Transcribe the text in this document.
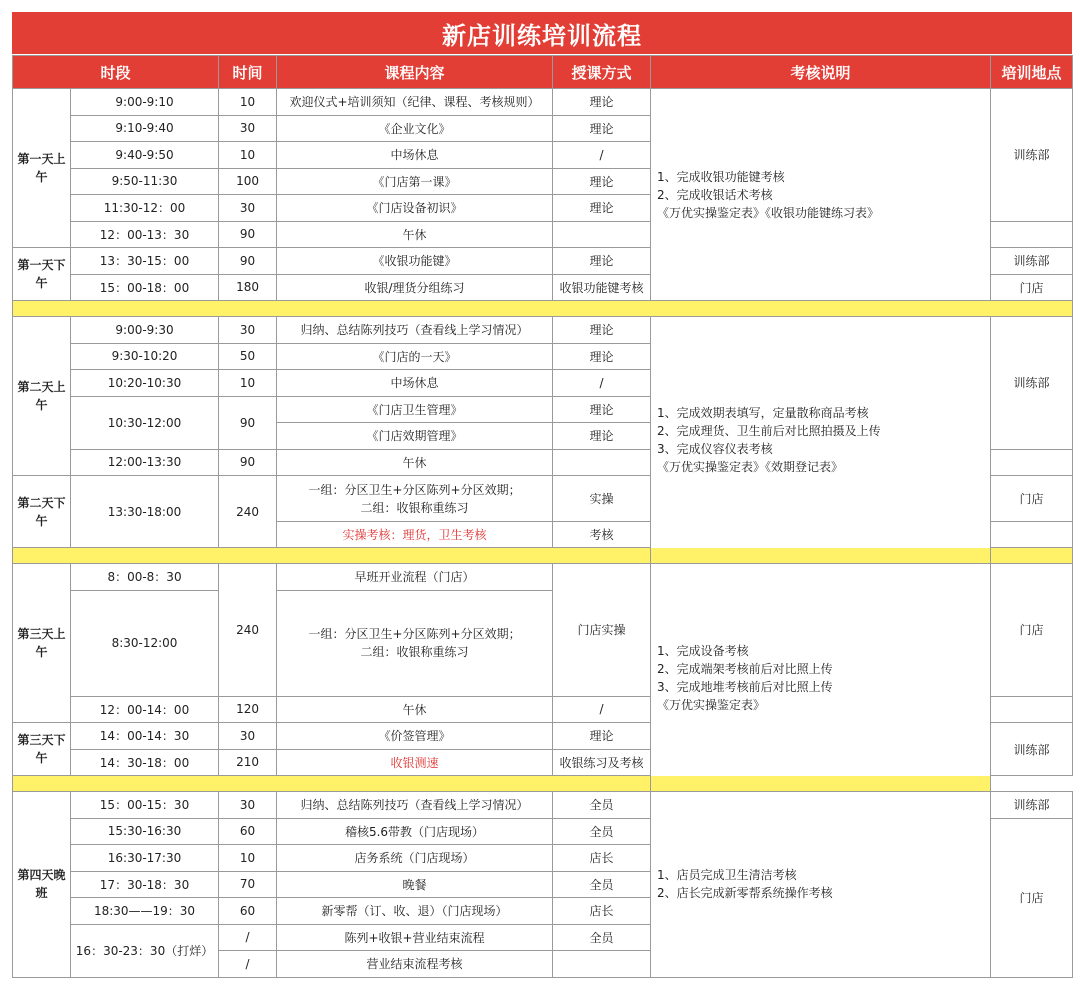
新店训练培训流程
时段		时间	课程内容	授课方式	考核说明	培训地点
第一天上午	9:00-9:10	10	欢迎仪式+培训须知（纪律、课程、考核规则）	理论	1、完成收银功能键考核
2、完成收银话术考核
《万优实操鉴定表》《收银功能键练习表》	训练部
	9:10-9:40	30	《企业文化》	理论		
	9:40-9:50	10	中场休息	/		
	9:50-11:30	100	《门店第一课》	理论		
	11:30-12：00	30	《门店设备初识》	理论		
	12：00-13：30	90	午休			
第一天下午	13：30-15：00	90	《收银功能键》	理论		训练部
	15：00-18：00	180	收银/理货分组练习	收银功能键考核		门店

第二天上午	9:00-9:30	30	归纳、总结陈列技巧（查看线上学习情况）	理论	1、完成效期表填写，定量散称商品考核
2、完成理货、卫生前后对比照拍摄及上传
3、完成仪容仪表考核
《万优实操鉴定表》《效期登记表》	训练部
	9:30-10:20	50	《门店的一天》	理论		
	10:20-10:30	10	中场休息	/		
	10:30-12:00	90	《门店卫生管理》	理论		
			《门店效期管理》	理论		
	12:00-13:30	90	午休			
第二天下午	13:30-18:00	240	一组：分区卫生+分区陈列+分区效期；
二组：收银称重练习	实操		门店
			实操考核：理货，卫生考核	考核		

第三天上午	8：00-8：30	240	早班开业流程（门店）	门店实操	1、完成设备考核
2、完成端架考核前后对比照上传
3、完成地堆考核前后对比照上传
《万优实操鉴定表》	门店
	8:30-12:00		一组：分区卫生+分区陈列+分区效期；
二组：收银称重练习			

	12：00-14：00	120	午休	/		
第三天下午	14：00-14：30	30	《价签管理》	理论		训练部
	14：30-18：00	210	收银测速	收银练习及考核		

第四天晚班	15：00-15：30	30	归纳、总结陈列技巧（查看线上学习情况）	全员	1、店员完成卫生清洁考核
2、店长完成新零帮系统操作考核	训练部
	15:30-16:30	60	稽核5.6带教（门店现场）	全员		门店
	16:30-17:30	10	店务系统（门店现场）	店长		
	17：30-18：30	70	晚餐	全员		
	18:30——19：30	60	新零帮（订、收、退）（门店现场）	店长		
	16：30-23：30（打烊）	/	陈列+收银+营业结束流程	全员		
		/	营业结束流程考核			
